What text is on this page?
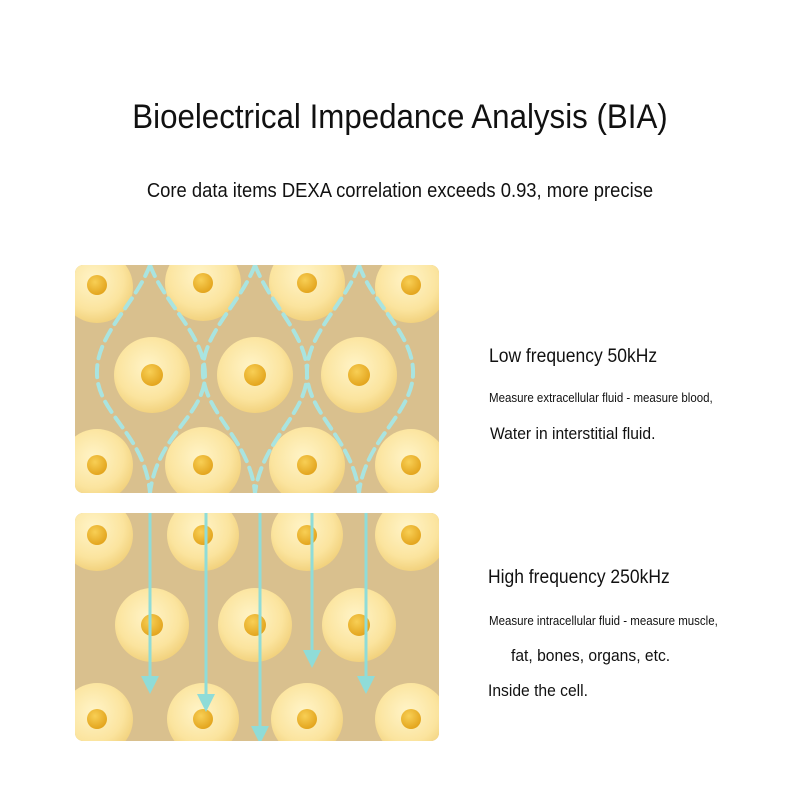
Bioelectrical Impedance Analysis (BIA)
Core data items DEXA correlation exceeds 0.93, more precise
Low frequency 50kHz
Measure extracellular fluid - measure blood,
Water in interstitial fluid.
High frequency 250kHz
Measure intracellular fluid - measure muscle,
fat, bones, organs, etc.
Inside the cell.
